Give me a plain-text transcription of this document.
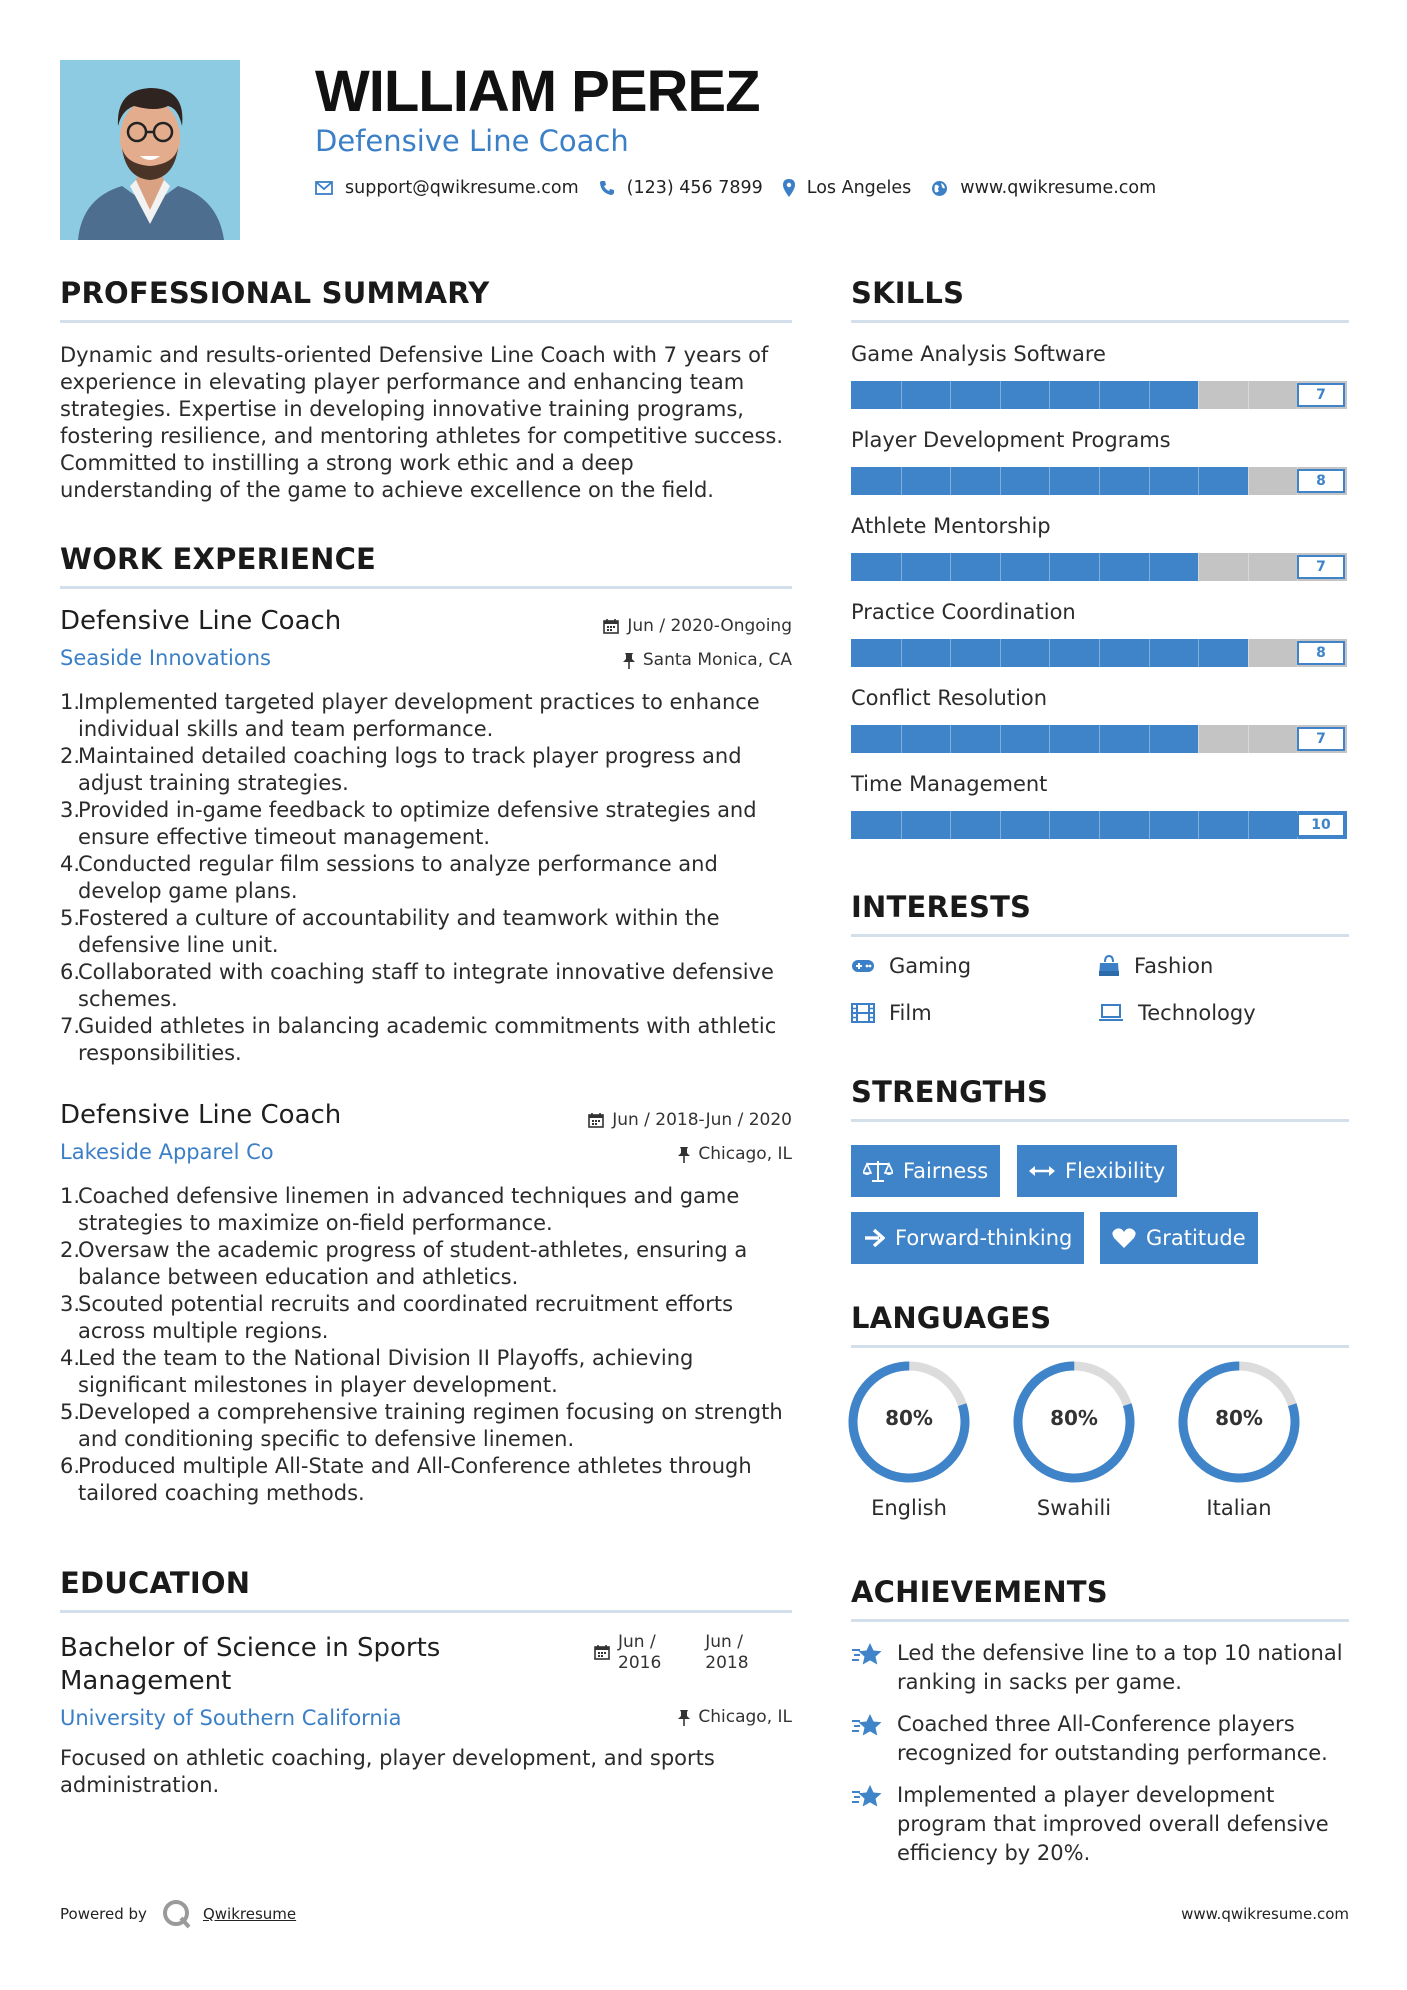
WILLIAM PEREZ
Defensive Line Coach
support@qwikresume.com	(123) 456 7899	Los Angeles	www.qwikresume.com
PROFESSIONAL SUMMARY
Dynamic and results-oriented Defensive Line Coach with 7 years of experience in elevating player performance and enhancing team strategies. Expertise in developing innovative training programs, fostering resilience, and mentoring athletes for competitive success. Committed to instilling a strong work ethic and a deep understanding of the game to achieve excellence on the field.
WORK EXPERIENCE
Defensive Line Coach	Jun / 2020-Ongoing
Seaside Innovations	Santa Monica, CA
1.
Implemented targeted player development practices to enhance individual skills and team performance.
2.
Maintained detailed coaching logs to track player progress and adjust training strategies.
3.
Provided in-game feedback to optimize defensive strategies and ensure effective timeout management.
4.
Conducted regular film sessions to analyze performance and develop game plans.
5.
Fostered a culture of accountability and teamwork within the defensive line unit.
6.
Collaborated with coaching staff to integrate innovative defensive schemes.
7.
Guided athletes in balancing academic commitments with athletic responsibilities.
Defensive Line Coach	Jun / 2018-Jun / 2020
Lakeside Apparel Co	Chicago, IL
1.
Coached defensive linemen in advanced techniques and game strategies to maximize on-field performance.
2.
Oversaw the academic progress of student-athletes, ensuring a balance between education and athletics.
3.
Scouted potential recruits and coordinated recruitment efforts across multiple regions.
4.
Led the team to the National Division II Playoffs, achieving significant milestones in player development.
5.
Developed a comprehensive training regimen focusing on strength and conditioning specific to defensive linemen.
6.
Produced multiple All-State and All-Conference athletes through tailored coaching methods.
EDUCATION
Bachelor of Science in Sports Management
Jun /
2016
Jun /
2018
University of Southern California	Chicago, IL
Focused on athletic coaching, player development, and sports administration.
SKILLS
Game Analysis Software
7
Player Development Programs
8
Athlete Mentorship
7
Practice Coordination
8
Conflict Resolution
7
Time Management
10
INTERESTS
Gaming	Fashion
Film	Technology
STRENGTHS
Fairness	Flexibility
Forward-thinking	Gratitude
LANGUAGES
80%
English
80%
Swahili
80%
Italian
ACHIEVEMENTS
Led the defensive line to a top 10 national ranking in sacks per game.
Coached three All-Conference players recognized for outstanding performance.
Implemented a player development program that improved overall defensive efficiency by 20%.
Powered by	Qwikresume	www.qwikresume.com
